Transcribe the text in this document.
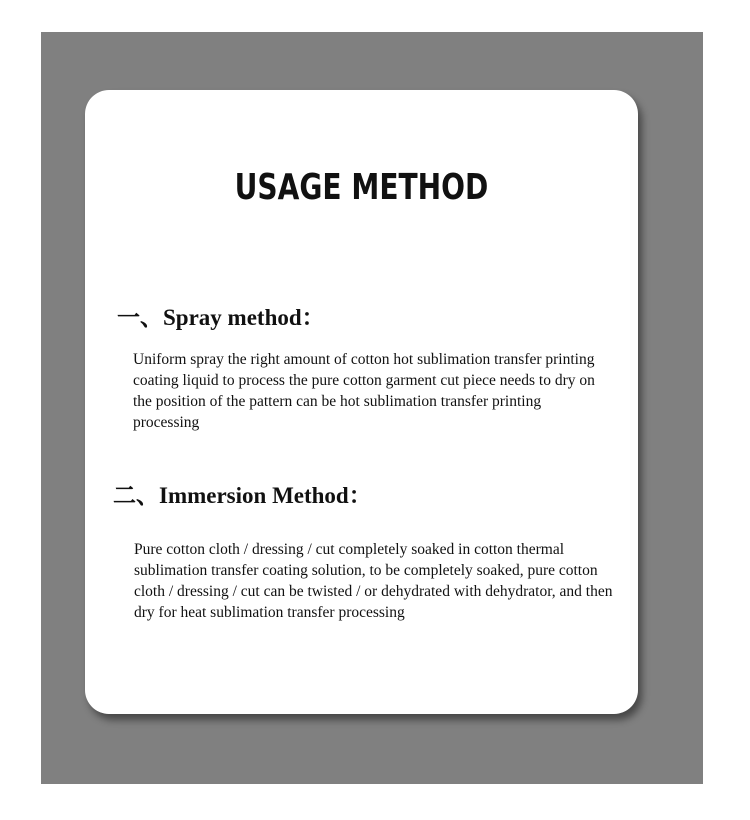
USAGE METHOD
一、Spray method：

Uniform spray the right amount of cotton hot sublimation transfer printing coating liquid to process the pure cotton garment cut piece needs to dry on the position of the pattern can be hot sublimation transfer printing processing

二、Immersion Method：

Pure cotton cloth / dressing / cut completely soaked in cotton thermal sublimation transfer coating solution, to be completely soaked, pure cotton cloth / dressing / cut can be twisted / or dehydrated with dehydrator, and then dry for heat sublimation transfer processing
